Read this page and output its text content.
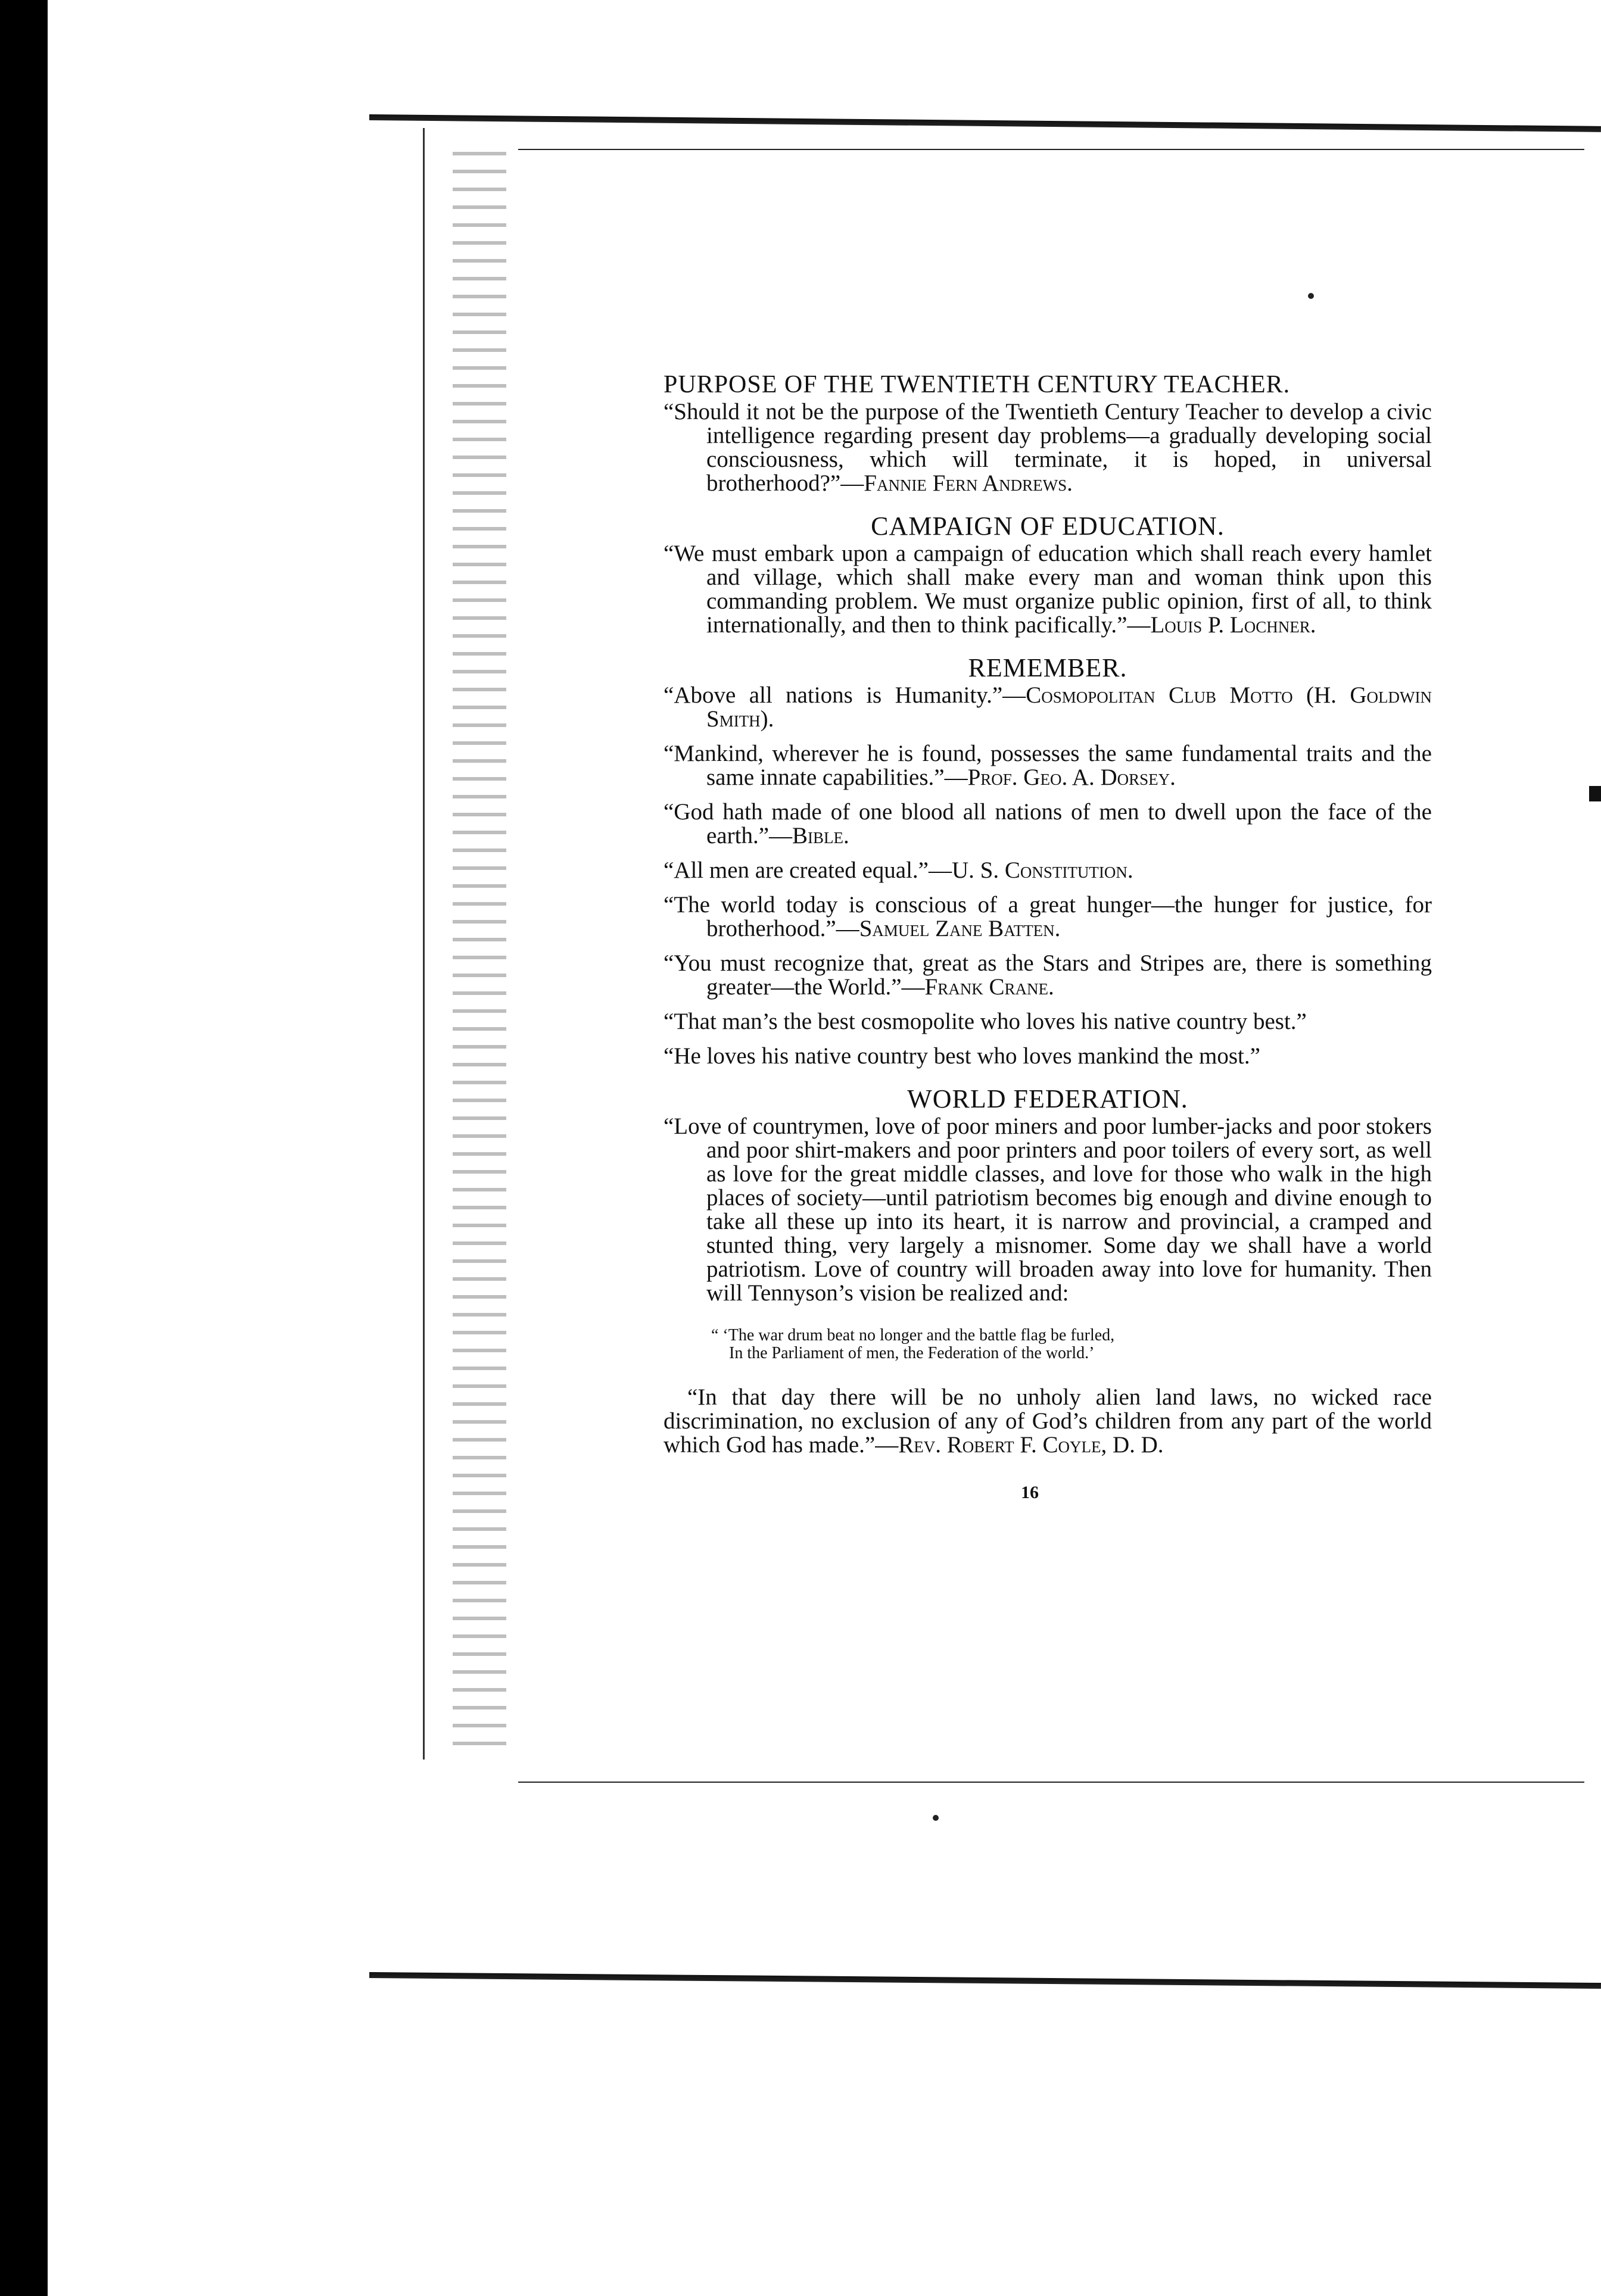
PURPOSE OF THE TWENTIETH CENTURY TEACHER.

“Should it not be the purpose of the Twentieth Century Teacher to develop a civic intelligence regarding present day problems—a gradually developing social consciousness, which will terminate, it is hoped, in universal brotherhood?”—Fannie Fern Andrews.

CAMPAIGN OF EDUCATION.

“We must embark upon a campaign of education which shall reach every hamlet and village, which shall make every man and woman think upon this commanding problem. We must organize public opinion, first of all, to think internationally, and then to think pacifically.”—Louis P. Lochner.

REMEMBER.

“Above all nations is Humanity.”—Cosmopolitan Club Motto (H. Goldwin Smith).

“Mankind, wherever he is found, possesses the same fundamental traits and the same innate capabilities.”—Prof. Geo. A. Dorsey.

“God hath made of one blood all nations of men to dwell upon the face of the earth.”—Bible.

“All men are created equal.”—U. S. Constitution.

“The world today is conscious of a great hunger—the hunger for justice, for brotherhood.”—Samuel Zane Batten.

“You must recognize that, great as the Stars and Stripes are, there is something greater—the World.”—Frank Crane.

“That man’s the best cosmopolite who loves his native country best.”

“He loves his native country best who loves mankind the most.”

WORLD FEDERATION.

“Love of countrymen, love of poor miners and poor lumber-jacks and poor stokers and poor shirt-makers and poor printers and poor toilers of every sort, as well as love for the great middle classes, and love for those who walk in the high places of society—until patriotism becomes big enough and divine enough to take all these up into its heart, it is narrow and provincial, a cramped and stunted thing, very largely a misnomer. Some day we shall have a world patriotism. Love of country will broaden away into love for humanity. Then will Tennyson’s vision be realized and:

“ ‘The war drum beat no longer and the battle flag be furled,
In the Parliament of men, the Federation of the world.’

“In that day there will be no unholy alien land laws, no wicked race discrimination, no exclusion of any of God’s children from any part of the world which God has made.”—Rev. Robert F. Coyle, D. D.

16
